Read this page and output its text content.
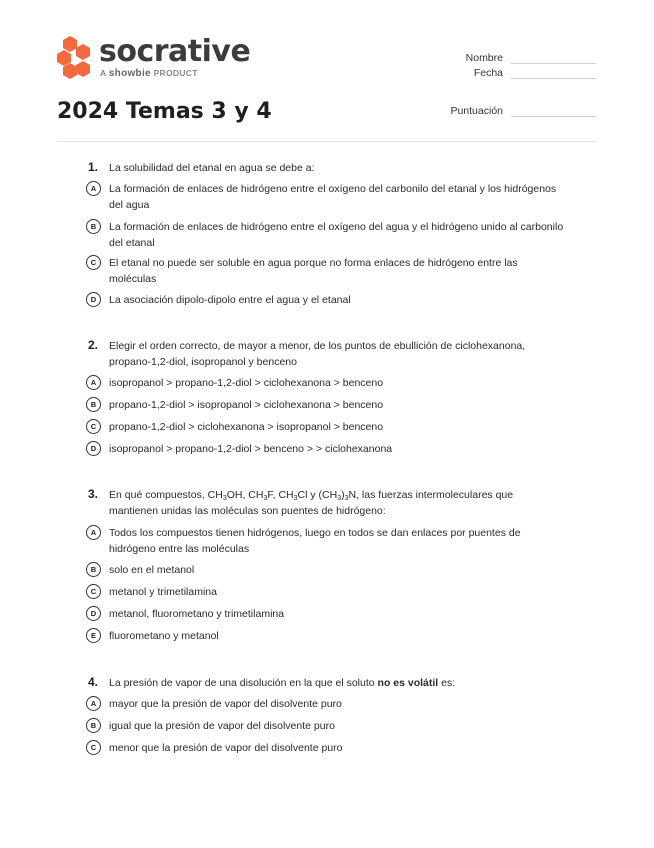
socrative
A showbie PRODUCT
2024 Temas 3 y 4
Nombre
Fecha
Puntuación
1. La solubilidad del etanal en agua se debe a:
A	La formación de enlaces de hidrógeno entre el oxígeno del carbonilo del etanal y los hidrógenos del agua
B	La formación de enlaces de hidrógeno entre el oxígeno del agua y el hidrógeno unido al carbonilo del etanal
C	El etanal no puede ser soluble en agua porque no forma enlaces de hidrógeno entre las moléculas
D	La asociación dipolo-dipolo entre el agua y el etanal
2. Elegir el orden correcto, de mayor a menor, de los puntos de ebullición de ciclohexanona, propano-1,2-diol, isopropanol y benceno
A	isopropanol > propano-1,2-diol > ciclohexanona > benceno
B	propano-1,2-diol > isopropanol > ciclohexanona > benceno
C	propano-1,2-diol > ciclohexanona > isopropanol > benceno
D	isopropanol > propano-1,2-diol > benceno > > ciclohexanona
3. En qué compuestos, $CH_3OH$, $CH_3F$, $CH_3Cl$ y $(CH_3)_3N$, las fuerzas intermoleculares que mantienen unidas las moléculas son puentes de hidrógeno:
A	Todos los compuestos tienen hidrógenos, luego en todos se dan enlaces por puentes de hidrógeno entre las moléculas
B	solo en el metanol
C	metanol y trimetilamina
D	metanol, fluorometano y trimetilamina
E	fluorometano y metanol
4. La presión de vapor de una disolución en la que el soluto no es volátil es:
A	mayor que la presión de vapor del disolvente puro
B	igual que la presión de vapor del disolvente puro
C	menor que la presión de vapor del disolvente puro
